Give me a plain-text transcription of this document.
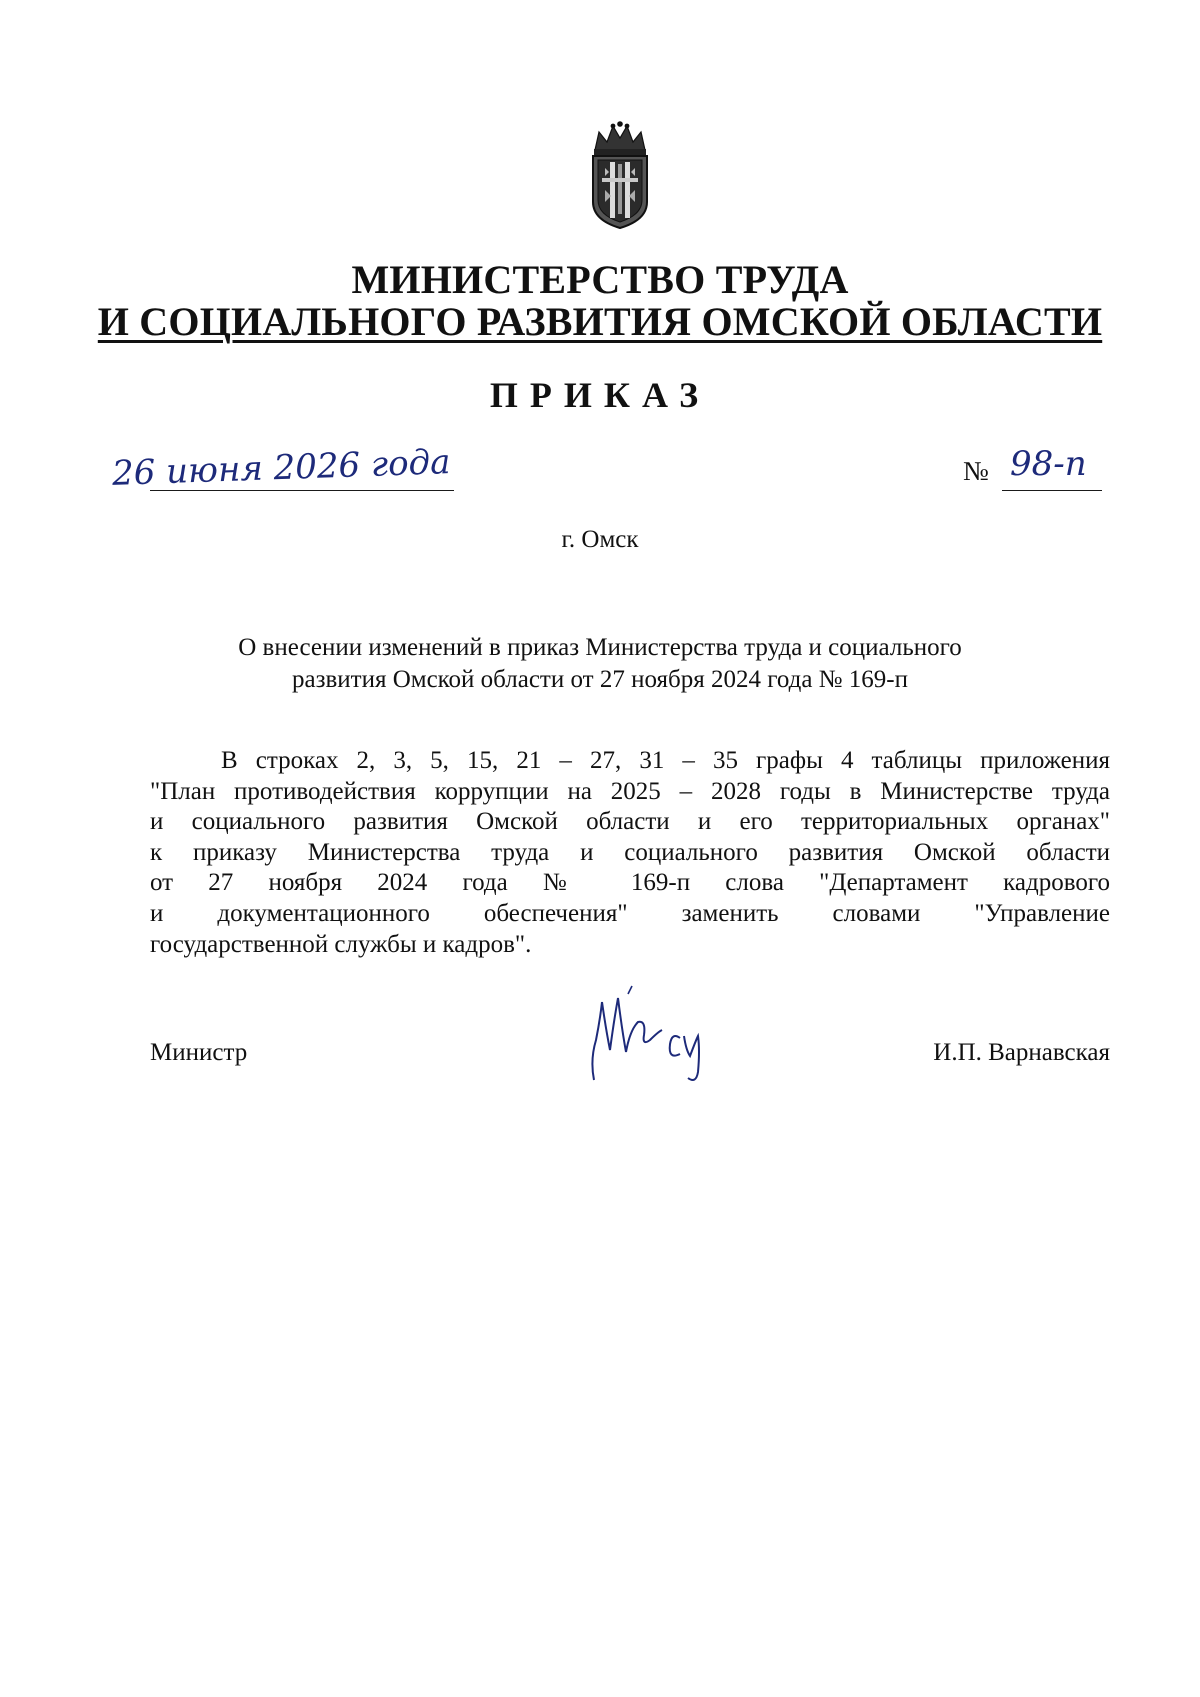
МИНИСТЕРСТВО ТРУДА
И СОЦИАЛЬНОГО РАЗВИТИЯ ОМСКОЙ ОБЛАСТИ
ПРИКАЗ
26 июня 2026 года	№ 98-п
г. Омск
О внесении изменений в приказ Министерства труда и социального
развития Омской области от 27 ноября 2024 года № 169-п
В строках 2, 3, 5, 15, 21 – 27, 31 – 35 графы 4 таблицы приложения
"План противодействия коррупции на 2025 – 2028 годы в Министерстве труда
и социального развития Омской области и его территориальных органах"
к приказу Министерства труда и социального развития Омской области
от 27 ноября 2024 года № 169-п слова "Департамент кадрового
и документационного обеспечения" заменить словами "Управление
государственной службы и кадров".
Министр	И.П. Варнавская
